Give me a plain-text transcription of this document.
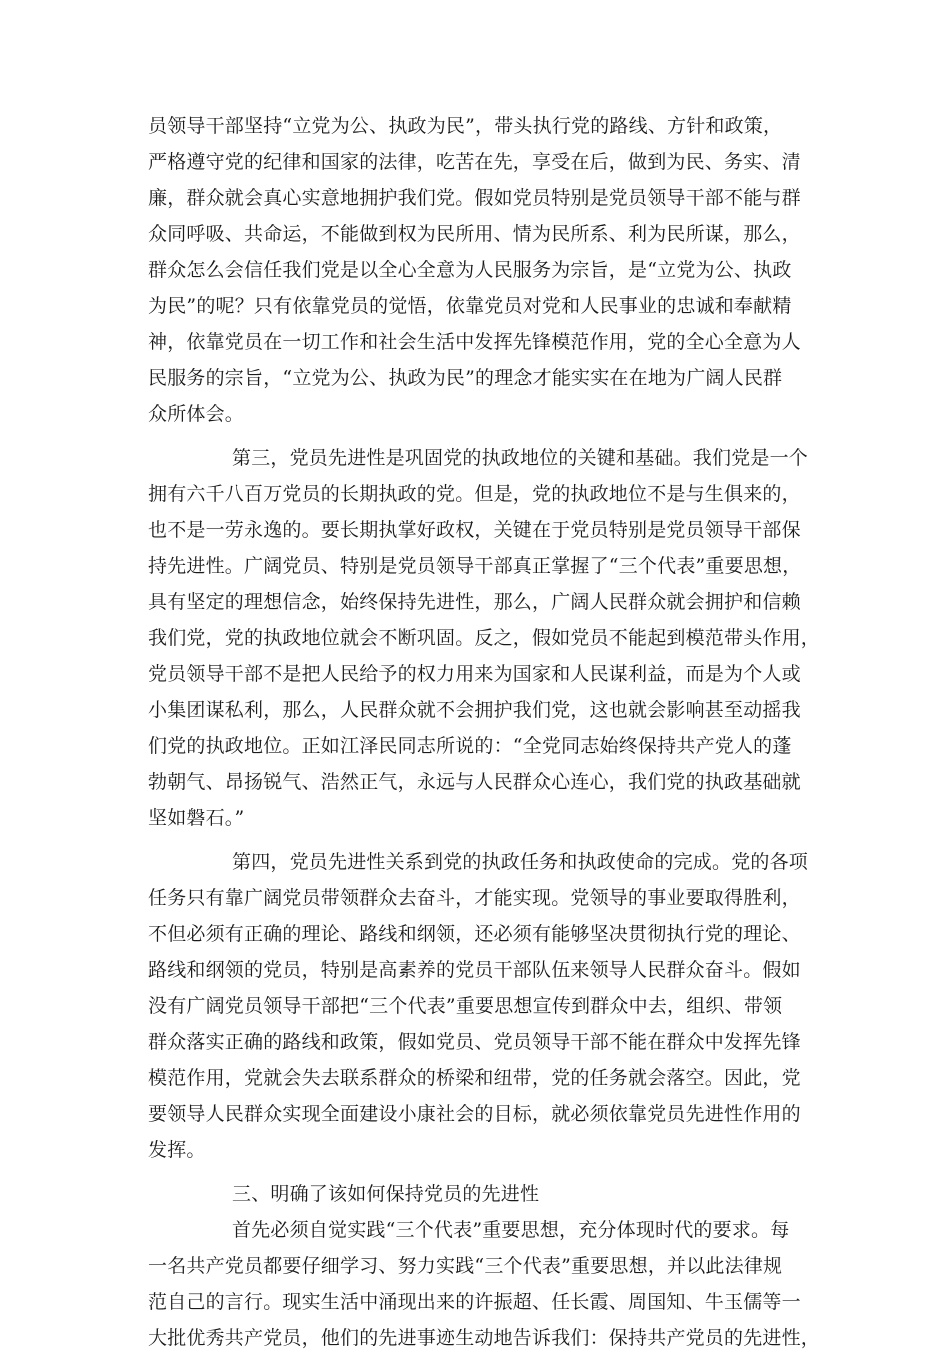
员领导干部坚持“立党为公、执政为民”，带头执行党的路线、方针和政策，
严格遵守党的纪律和国家的法律，吃苦在先，享受在后，做到为民、务实、清
廉，群众就会真心实意地拥护我们党。假如党员特别是党员领导干部不能与群
众同呼吸、共命运，不能做到权为民所用、情为民所系、利为民所谋，那么，
群众怎么会信任我们党是以全心全意为人民服务为宗旨，是“立党为公、执政
为民”的呢？只有依靠党员的觉悟，依靠党员对党和人民事业的忠诚和奉献精
神，依靠党员在一切工作和社会生活中发挥先锋模范作用，党的全心全意为人
民服务的宗旨，“立党为公、执政为民”的理念才能实实在在地为广阔人民群
众所体会。
第三，党员先进性是巩固党的执政地位的关键和基础。我们党是一个
拥有六千八百万党员的长期执政的党。但是，党的执政地位不是与生俱来的，
也不是一劳永逸的。要长期执掌好政权，关键在于党员特别是党员领导干部保
持先进性。广阔党员、特别是党员领导干部真正掌握了“三个代表”重要思想，
具有坚定的理想信念，始终保持先进性，那么，广阔人民群众就会拥护和信赖
我们党，党的执政地位就会不断巩固。反之，假如党员不能起到模范带头作用，
党员领导干部不是把人民给予的权力用来为国家和人民谋利益，而是为个人或
小集团谋私利，那么，人民群众就不会拥护我们党，这也就会影响甚至动摇我
们党的执政地位。正如江泽民同志所说的：“全党同志始终保持共产党人的蓬
勃朝气、昂扬锐气、浩然正气，永远与人民群众心连心，我们党的执政基础就
坚如磐石。”
第四，党员先进性关系到党的执政任务和执政使命的完成。党的各项
任务只有靠广阔党员带领群众去奋斗，才能实现。党领导的事业要取得胜利，
不但必须有正确的理论、路线和纲领，还必须有能够坚决贯彻执行党的理论、
路线和纲领的党员，特别是高素养的党员干部队伍来领导人民群众奋斗。假如
没有广阔党员领导干部把“三个代表”重要思想宣传到群众中去，组织、带领
群众落实正确的路线和政策，假如党员、党员领导干部不能在群众中发挥先锋
模范作用，党就会失去联系群众的桥梁和纽带，党的任务就会落空。因此，党
要领导人民群众实现全面建设小康社会的目标，就必须依靠党员先进性作用的
发挥。
三、明确了该如何保持党员的先进性
首先必须自觉实践“三个代表”重要思想，充分体现时代的要求。每
一名共产党员都要仔细学习、努力实践“三个代表”重要思想，并以此法律规
范自己的言行。现实生活中涌现出来的许振超、任长霞、周国知、牛玉儒等一
大批优秀共产党员，他们的先进事迹生动地告诉我们：保持共产党员的先进性，
